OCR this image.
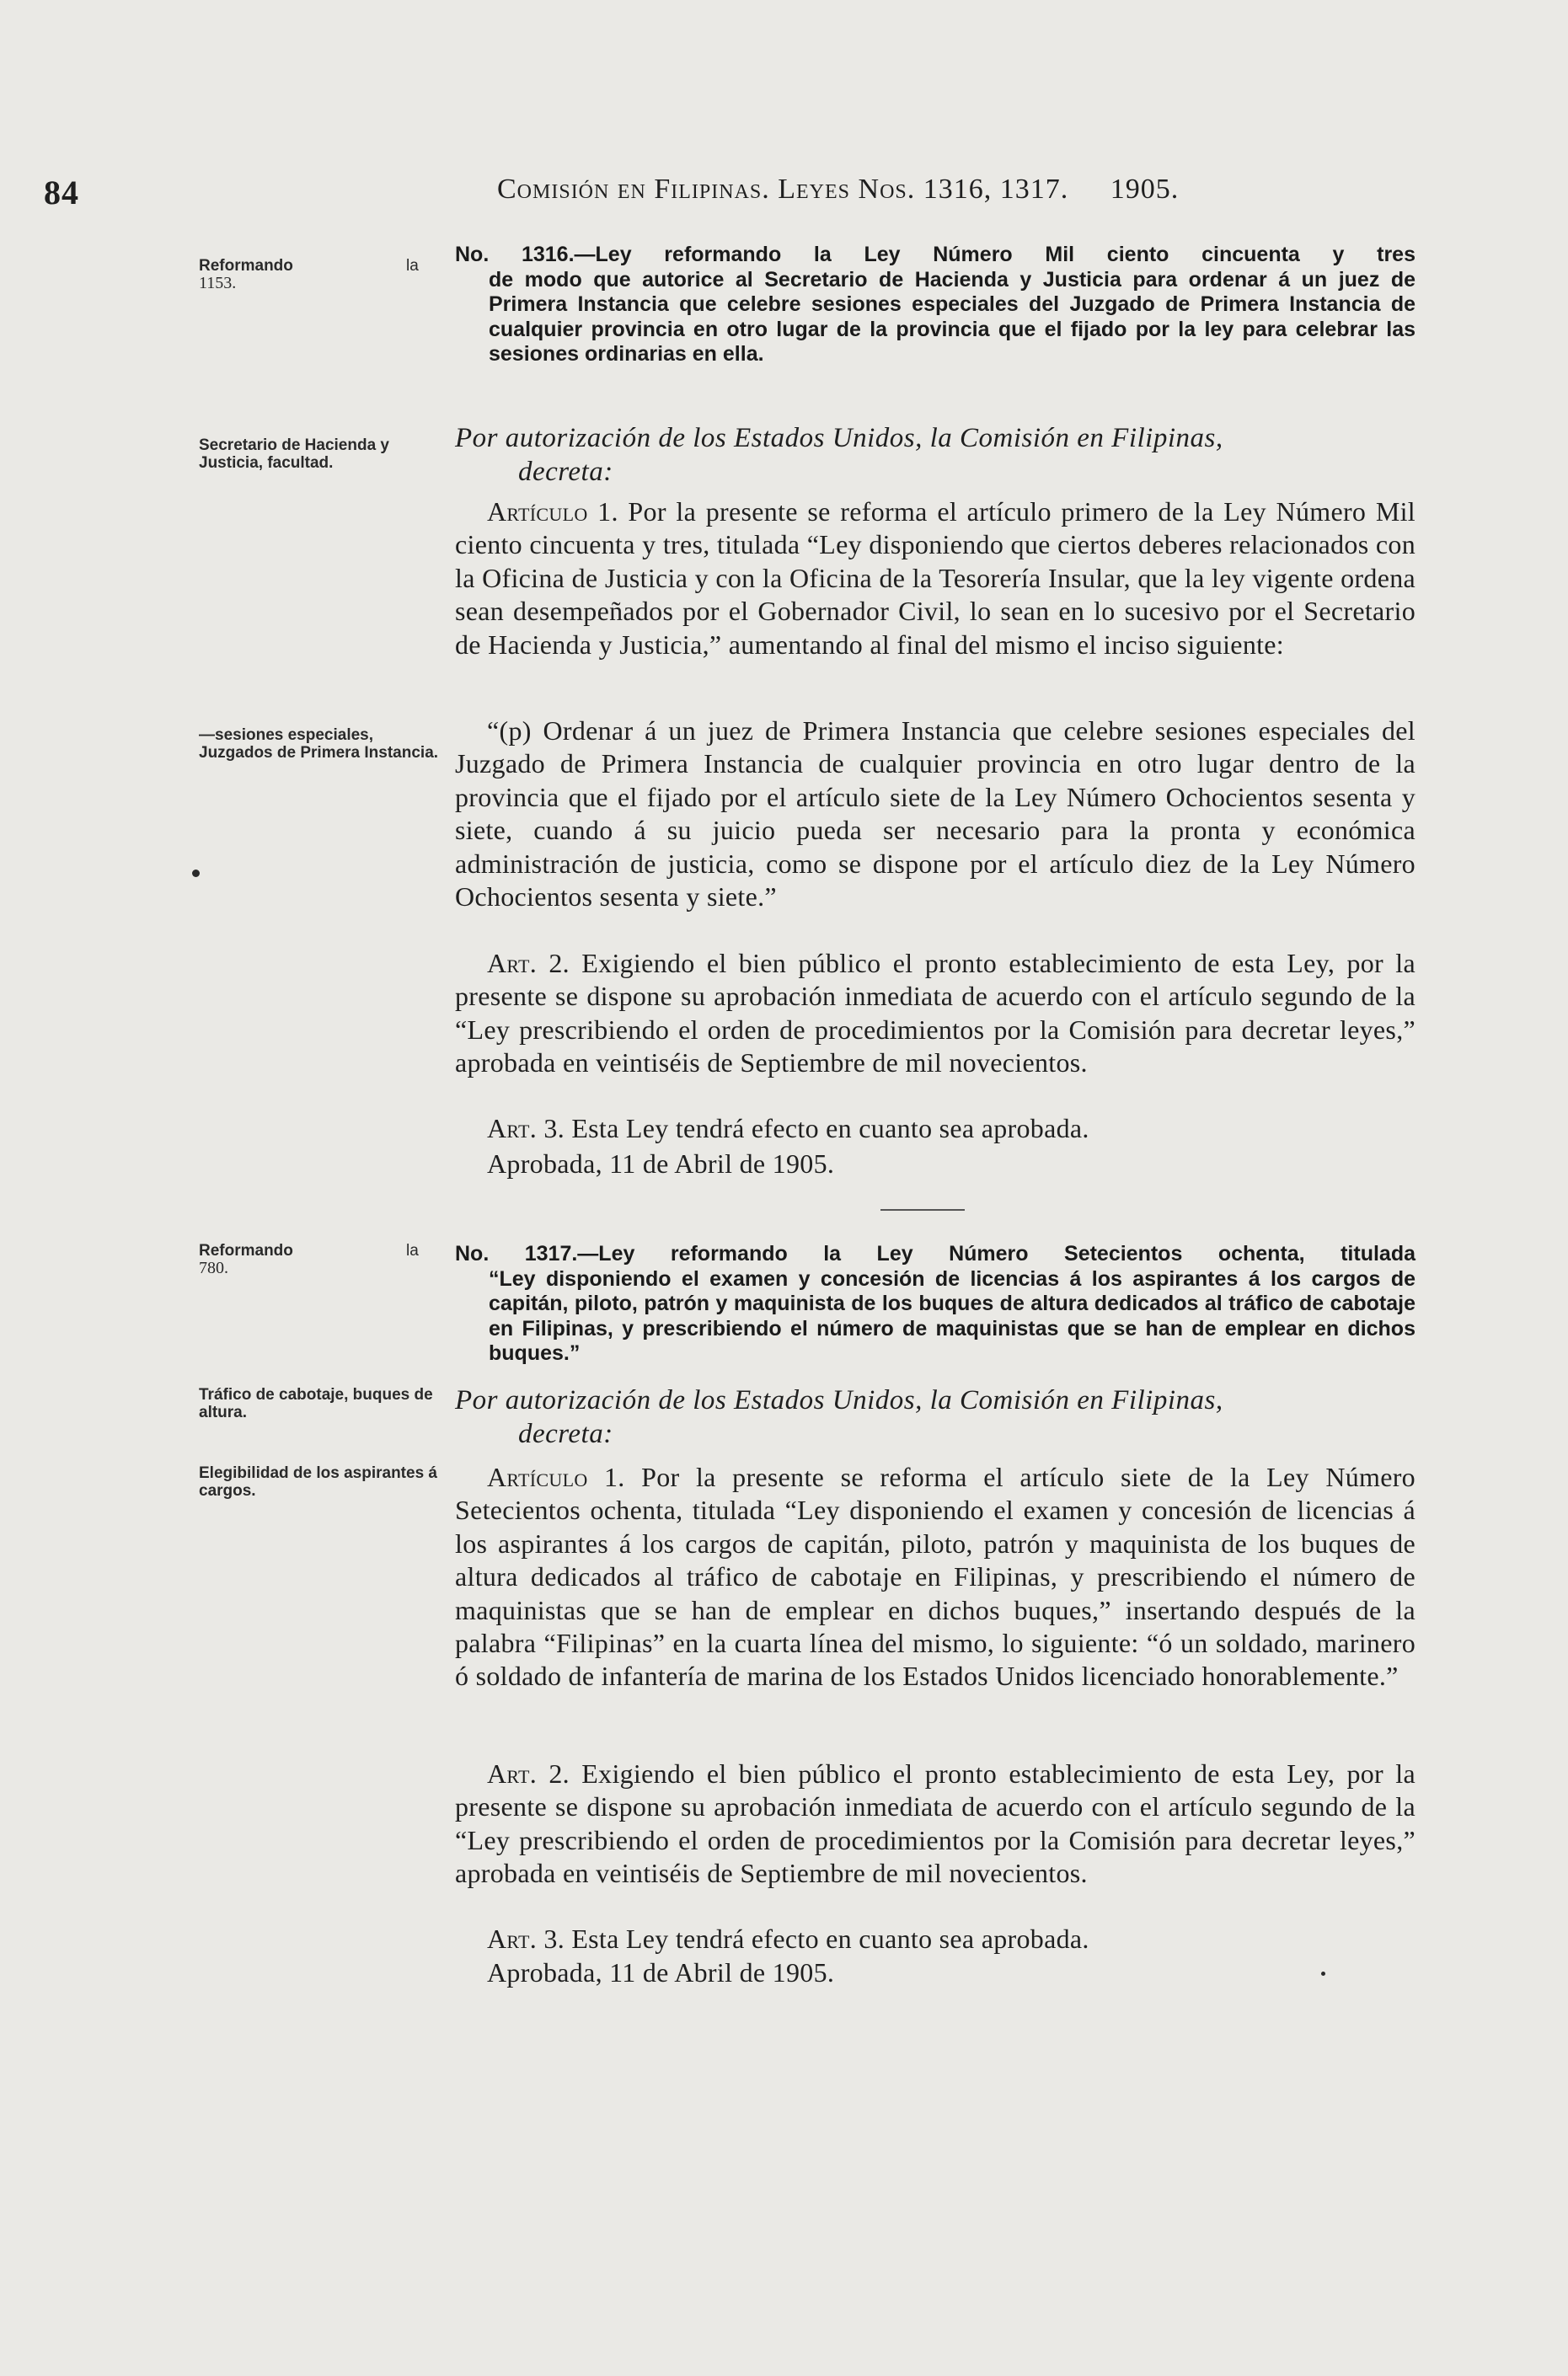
84	Comisión en Filipinas. Leyes Nos. 1316, 1317. 1905.
Reformando	la

1153.
No. 1316.—Ley reformando la Ley Número Mil ciento cincuenta y tres
de modo que autorice al Secretario de Hacienda y Justicia para ordenar á un juez de Primera Instancia que celebre sesiones especiales del Juzgado de Primera Instancia de cualquier provincia en otro lugar de la provincia que el fijado por la ley para celebrar las sesiones ordinarias en ella.
Secretario de Hacienda y Justicia, facultad.
Por autorización de los Estados Unidos, la Comisión en Filipinas,
decreta:
Artículo 1. Por la presente se reforma el artículo primero de la Ley Número Mil ciento cincuenta y tres, titulada “Ley disponiendo que ciertos deberes relacionados con la Oficina de Justicia y con la Oficina de la Tesorería Insular, que la ley vigente ordena sean desempeñados por el Gobernador Civil, lo sean en lo sucesivo por el Secretario de Hacienda y Justicia,” aumentando al final del mismo el inciso siguiente:
—sesiones especiales, Juzgados de Primera Instancia.
“(p) Ordenar á un juez de Primera Instancia que celebre sesiones especiales del Juzgado de Primera Instancia de cualquier provincia en otro lugar dentro de la provincia que el fijado por el artículo siete de la Ley Número Ochocientos sesenta y siete, cuando á su juicio pueda ser necesario para la pronta y económica administración de justicia, como se dispone por el artículo diez de la Ley Número Ochocientos sesenta y siete.”
Art. 2. Exigiendo el bien público el pronto establecimiento de esta Ley, por la presente se dispone su aprobación inmediata de acuerdo con el artículo segundo de la “Ley prescribiendo el orden de procedimientos por la Comisión para decretar leyes,” aprobada en veintiséis de Septiembre de mil novecientos.
Art. 3. Esta Ley tendrá efecto en cuanto sea aprobada.
Aprobada, 11 de Abril de 1905.
Reformando	la

780.
No. 1317.—Ley reformando la Ley Número Setecientos ochenta, titulada
“Ley disponiendo el examen y concesión de licencias á los aspirantes á los cargos de capitán, piloto, patrón y maquinista de los buques de altura dedicados al tráfico de cabotaje en Filipinas, y prescribiendo el número de maquinistas que se han de emplear en dichos buques.”
Tráfico de cabotaje, buques de altura.	Por autorización de los Estados Unidos, la Comisión en Filipinas,
decreta:
Elegibilidad de los aspirantes á cargos.	Artículo 1. Por la presente se reforma el artículo siete de la Ley Número Setecientos ochenta, titulada “Ley disponiendo el examen y concesión de licencias á los aspirantes á los cargos de capitán, piloto, patrón y maquinista de los buques de altura dedicados al tráfico de cabotaje en Filipinas, y prescribiendo el número de maquinistas que se han de emplear en dichos buques,” insertando después de la palabra “Filipinas” en la cuarta línea del mismo, lo siguiente: “ó un soldado, marinero ó soldado de infantería de marina de los Estados Unidos licenciado honorablemente.”
Art. 2. Exigiendo el bien público el pronto establecimiento de esta Ley, por la presente se dispone su aprobación inmediata de acuerdo con el artículo segundo de la “Ley prescribiendo el orden de procedimientos por la Comisión para decretar leyes,” aprobada en veintiséis de Septiembre de mil novecientos.
Art. 3. Esta Ley tendrá efecto en cuanto sea aprobada.
Aprobada, 11 de Abril de 1905.
